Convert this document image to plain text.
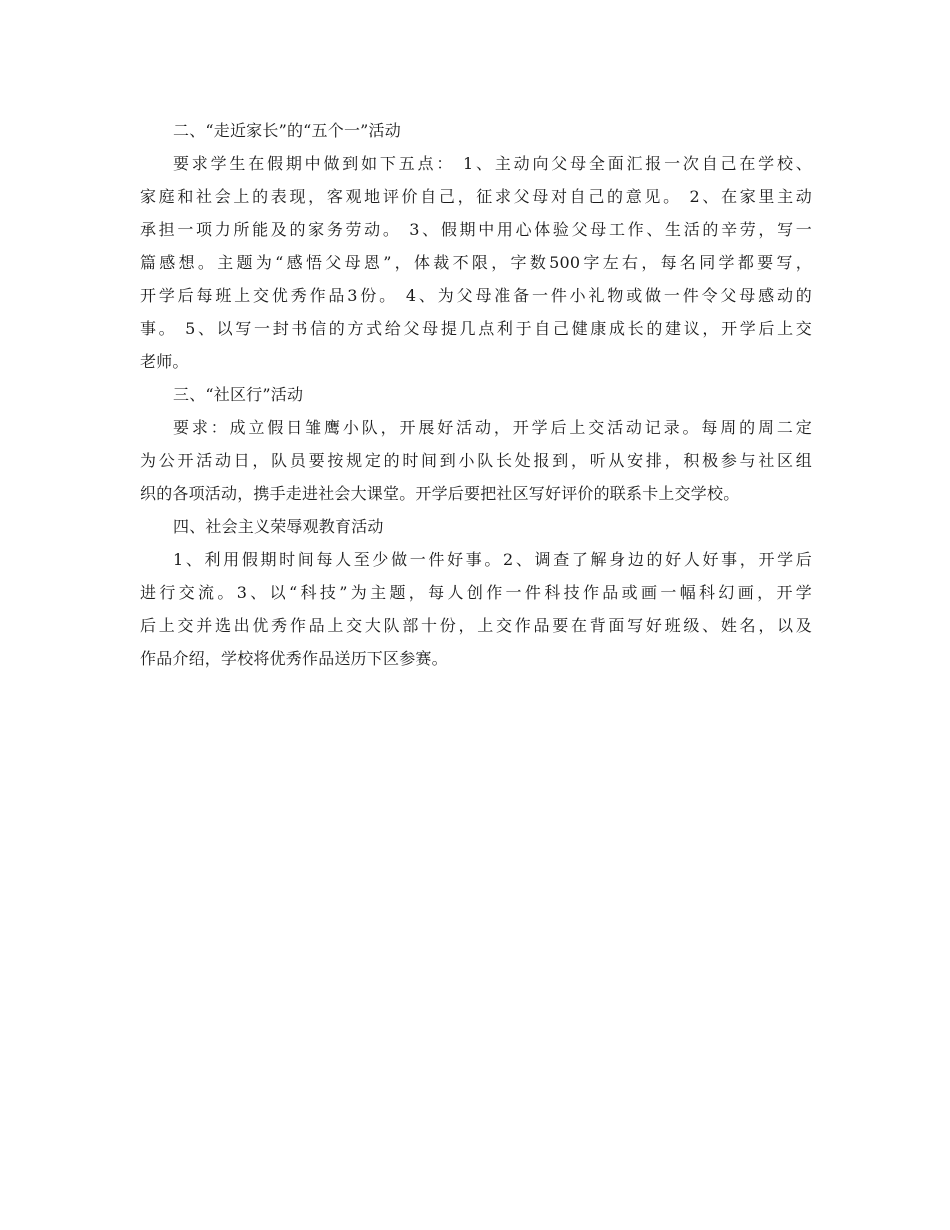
二、“走近家长”的“五个一”活动
要求学生在假期中做到如下五点： 1、主动向父母全面汇报一次自己在学校、
家庭和社会上的表现，客观地评价自己，征求父母对自己的意见。 2、在家里主动
承担一项力所能及的家务劳动。 3、假期中用心体验父母工作、生活的辛劳，写一
篇感想。主题为“感悟父母恩”，体裁不限，字数500字左右，每名同学都要写，
开学后每班上交优秀作品3份。 4、为父母准备一件小礼物或做一件令父母感动的
事。 5、以写一封书信的方式给父母提几点利于自己健康成长的建议，开学后上交
老师。
三、“社区行”活动
要求：成立假日雏鹰小队，开展好活动，开学后上交活动记录。每周的周二定
为公开活动日，队员要按规定的时间到小队长处报到，听从安排，积极参与社区组
织的各项活动，携手走进社会大课堂。开学后要把社区写好评价的联系卡上交学校。
四、社会主义荣辱观教育活动
1、利用假期时间每人至少做一件好事。2、调查了解身边的好人好事，开学后
进行交流。3、以“科技”为主题，每人创作一件科技作品或画一幅科幻画，开学
后上交并选出优秀作品上交大队部十份，上交作品要在背面写好班级、姓名，以及
作品介绍，学校将优秀作品送历下区参赛。
